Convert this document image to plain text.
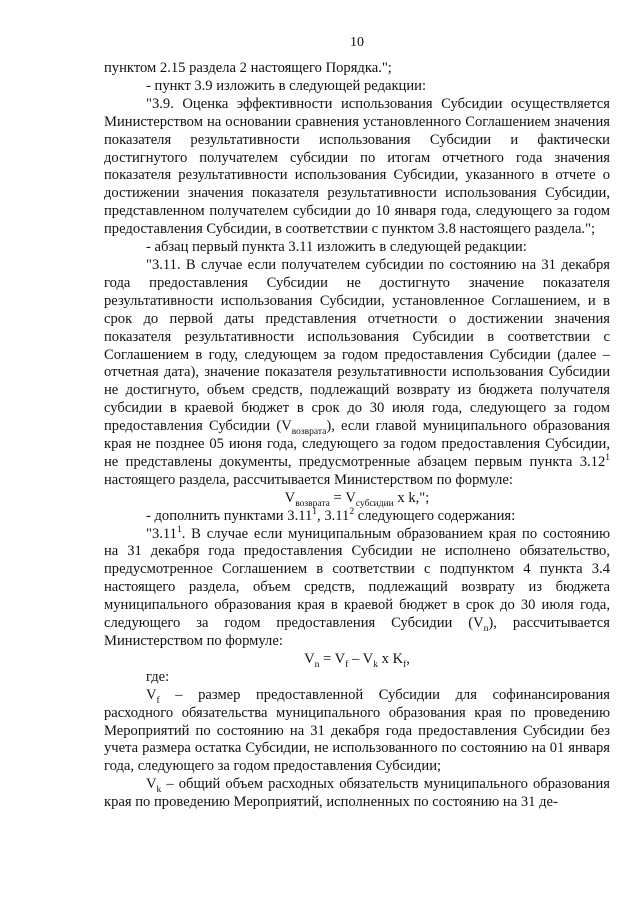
10

пунктом 2.15 раздела 2 настоящего Порядка.";

- пункт 3.9 изложить в следующей редакции:

"3.9. Оценка эффективности использования Субсидии осуществляется Министерством на основании сравнения установленного Соглашением значения показателя результативности использования Субсидии и фактически достигнутого получателем субсидии по итогам отчетного года значения показателя результативности использования Субсидии, указанного в отчете о достижении значения показателя результативности использования Субсидии, представленном получателем субсидии до 10 января года, следующего за годом предоставления Субсидии, в соответствии с пунктом 3.8 настоящего раздела.";

- абзац первый пункта 3.11 изложить в следующей редакции:

"3.11. В случае если получателем субсидии по состоянию на 31 декабря года предоставления Субсидии не достигнуто значение показателя результативности использования Субсидии, установленное Соглашением, и в срок до первой даты представления отчетности о достижении значения показателя результативности использования Субсидии в соответствии с Соглашением в году, следующем за годом предоставления Субсидии (далее – отчетная дата), значение показателя результативности использования Субсидии не достигнуто, объем средств, подлежащий возврату из бюджета получателя субсидии в краевой бюджет в срок до 30 июля года, следующего за годом предоставления Субсидии $(V_{возврата})$, если главой муниципального образования края не позднее 05 июня года, следующего за годом предоставления Субсидии, не представлены документы, предусмотренные абзацем первым пункта 3.12$^1$ настоящего раздела, рассчитывается Министерством по формуле:

$V_{возврата} = V_{субсидии}$ x k,";

- дополнить пунктами 3.11$^1$, 3.11$^2$ следующего содержания:

"3.11$^1$. В случае если муниципальным образованием края по состоянию на 31 декабря года предоставления Субсидии не исполнено обязательство, предусмотренное Соглашением в соответствии с подпунктом 4 пункта 3.4 настоящего раздела, объем средств, подлежащий возврату из бюджета муниципального образования края в краевой бюджет в срок до 30 июля года, следующего за годом предоставления Субсидии $(V_n)$, рассчитывается Министерством по формуле:

$V_n = V_f - V_k$ x $K_f$,

где:

$V_f$ – размер предоставленной Субсидии для софинансирования расходного обязательства муниципального образования края по проведению Мероприятий по состоянию на 31 декабря года предоставления Субсидии без учета размера остатка Субсидии, не использованного по состоянию на 01 января года, следующего за годом предоставления Субсидии;

$V_k$ – общий объем расходных обязательств муниципального образования края по проведению Мероприятий, исполненных по состоянию на 31 де-
